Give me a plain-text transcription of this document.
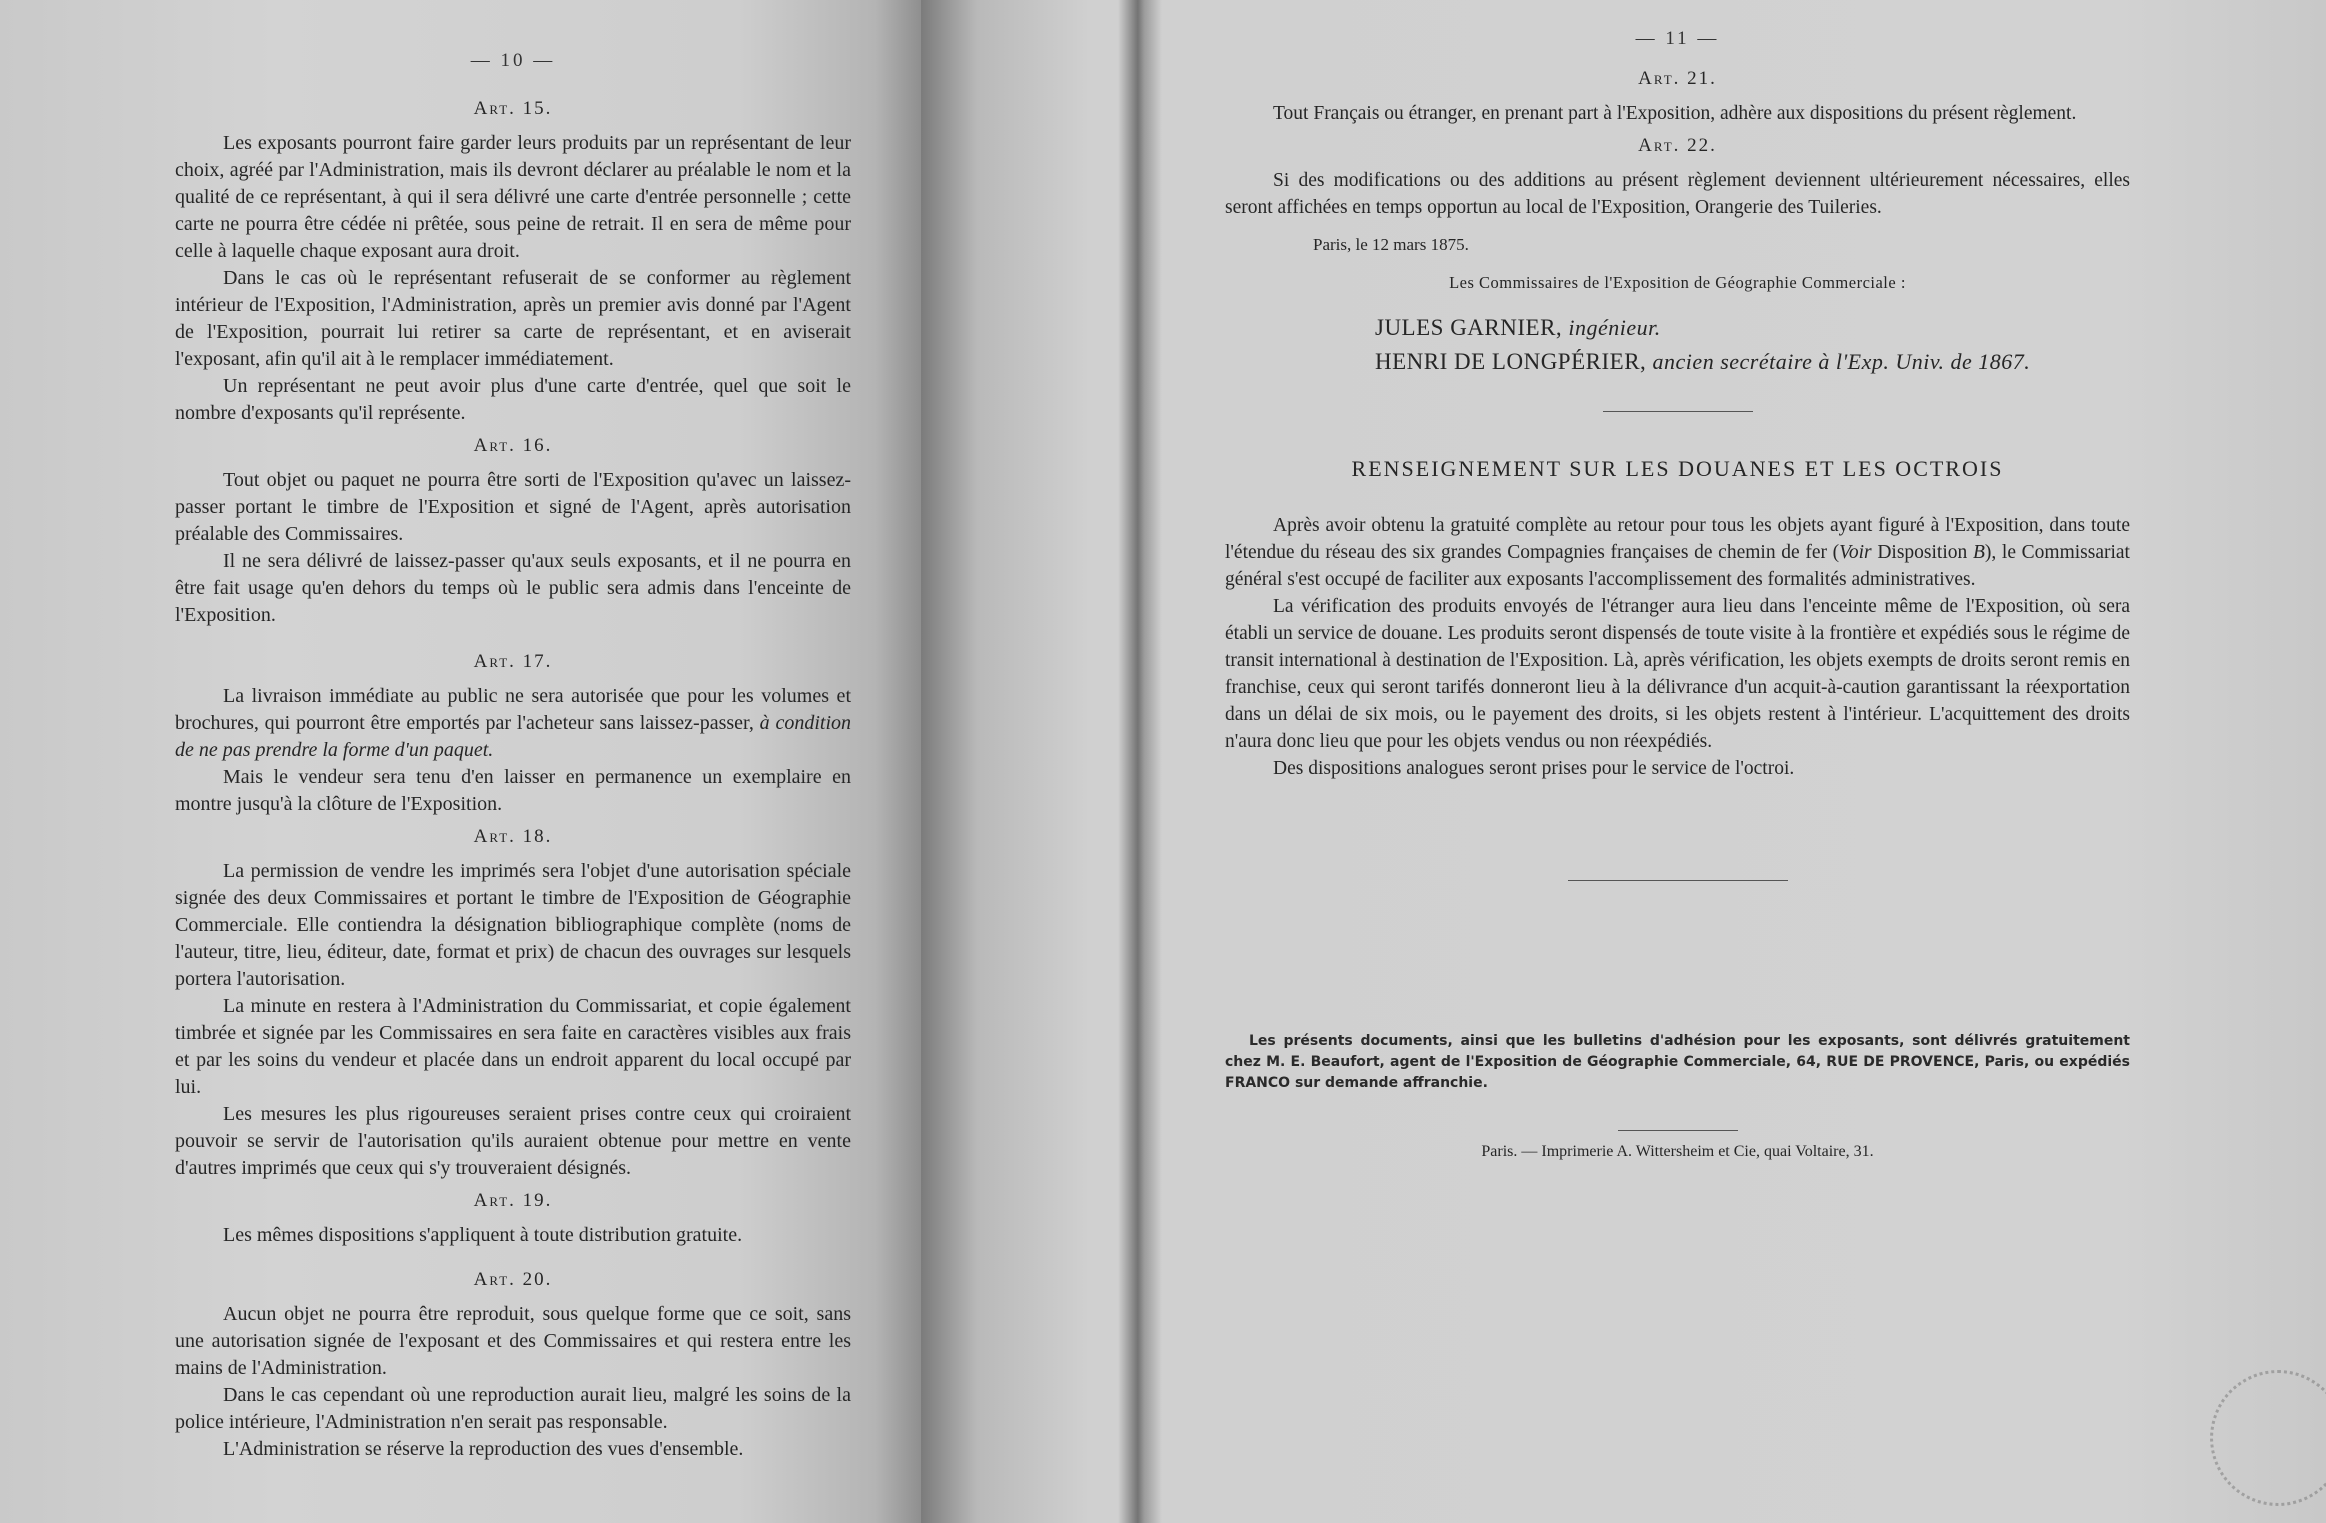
— 10 —
Art. 15.

Les exposants pourront faire garder leurs produits par un représentant de leur choix, agréé par l'Administration, mais ils devront déclarer au préalable le nom et la qualité de ce représentant, à qui il sera délivré une carte d'entrée personnelle ; cette carte ne pourra être cédée ni prêtée, sous peine de retrait. Il en sera de même pour celle à laquelle chaque exposant aura droit.

Dans le cas où le représentant refuserait de se conformer au règlement intérieur de l'Exposition, l'Administration, après un premier avis donné par l'Agent de l'Exposition, pourrait lui retirer sa carte de représentant, et en aviserait l'exposant, afin qu'il ait à le remplacer immédiatement.

Un représentant ne peut avoir plus d'une carte d'entrée, quel que soit le nombre d'exposants qu'il représente.

Art. 16.

Tout objet ou paquet ne pourra être sorti de l'Exposition qu'avec un laissez-passer portant le timbre de l'Exposition et signé de l'Agent, après autorisation préalable des Commissaires.

Il ne sera délivré de laissez-passer qu'aux seuls exposants, et il ne pourra en être fait usage qu'en dehors du temps où le public sera admis dans l'enceinte de l'Exposition.

Art. 17.

La livraison immédiate au public ne sera autorisée que pour les volumes et brochures, qui pourront être emportés par l'acheteur sans laissez-passer, à condition de ne pas prendre la forme d'un paquet.

Mais le vendeur sera tenu d'en laisser en permanence un exemplaire en montre jusqu'à la clôture de l'Exposition.

Art. 18.

La permission de vendre les imprimés sera l'objet d'une autorisation spéciale signée des deux Commissaires et portant le timbre de l'Exposition de Géographie Commerciale. Elle contiendra la désignation bibliographique complète (noms de l'auteur, titre, lieu, éditeur, date, format et prix) de chacun des ouvrages sur lesquels portera l'autorisation.

La minute en restera à l'Administration du Commissariat, et copie également timbrée et signée par les Commissaires en sera faite en caractères visibles aux frais et par les soins du vendeur et placée dans un endroit apparent du local occupé par lui.

Les mesures les plus rigoureuses seraient prises contre ceux qui croiraient pouvoir se servir de l'autorisation qu'ils auraient obtenue pour mettre en vente d'autres imprimés que ceux qui s'y trouveraient désignés.

Art. 19.

Les mêmes dispositions s'appliquent à toute distribution gratuite.

Art. 20.

Aucun objet ne pourra être reproduit, sous quelque forme que ce soit, sans une autorisation signée de l'exposant et des Commissaires et qui restera entre les mains de l'Administration.

Dans le cas cependant où une reproduction aurait lieu, malgré les soins de la police intérieure, l'Administration n'en serait pas responsable.

L'Administration se réserve la reproduction des vues d'ensemble.

— 11 —
Art. 21.

Tout Français ou étranger, en prenant part à l'Exposition, adhère aux dispositions du présent règlement.

Art. 22.

Si des modifications ou des additions au présent règlement deviennent ultérieurement nécessaires, elles seront affichées en temps opportun au local de l'Exposition, Orangerie des Tuileries.

Paris, le 12 mars 1875.
Les Commissaires de l'Exposition de Géographie Commerciale :
JULES GARNIER, ingénieur.
HENRI DE LONGPÉRIER, ancien secrétaire à l'Exp. Univ. de 1867.
RENSEIGNEMENT SUR LES DOUANES ET LES OCTROIS

Après avoir obtenu la gratuité complète au retour pour tous les objets ayant figuré à l'Exposition, dans toute l'étendue du réseau des six grandes Compagnies françaises de chemin de fer (Voir Disposition B), le Commissariat général s'est occupé de faciliter aux exposants l'accomplissement des formalités administratives.

La vérification des produits envoyés de l'étranger aura lieu dans l'enceinte même de l'Exposition, où sera établi un service de douane. Les produits seront dispensés de toute visite à la frontière et expédiés sous le régime de transit international à destination de l'Exposition. Là, après vérification, les objets exempts de droits seront remis en franchise, ceux qui seront tarifés donneront lieu à la délivrance d'un acquit-à-caution garantissant la réexportation dans un délai de six mois, ou le payement des droits, si les objets restent à l'intérieur. L'acquittement des droits n'aura donc lieu que pour les objets vendus ou non réexpédiés.

Des dispositions analogues seront prises pour le service de l'octroi.

Les présents documents, ainsi que les bulletins d'adhésion pour les exposants, sont délivrés gratuitement chez M. E. Beaufort, agent de l'Exposition de Géographie Commerciale, 64, RUE DE PROVENCE, Paris, ou expédiés FRANCO sur demande affranchie.

Paris. — Imprimerie A. Wittersheim et Cie, quai Voltaire, 31.
